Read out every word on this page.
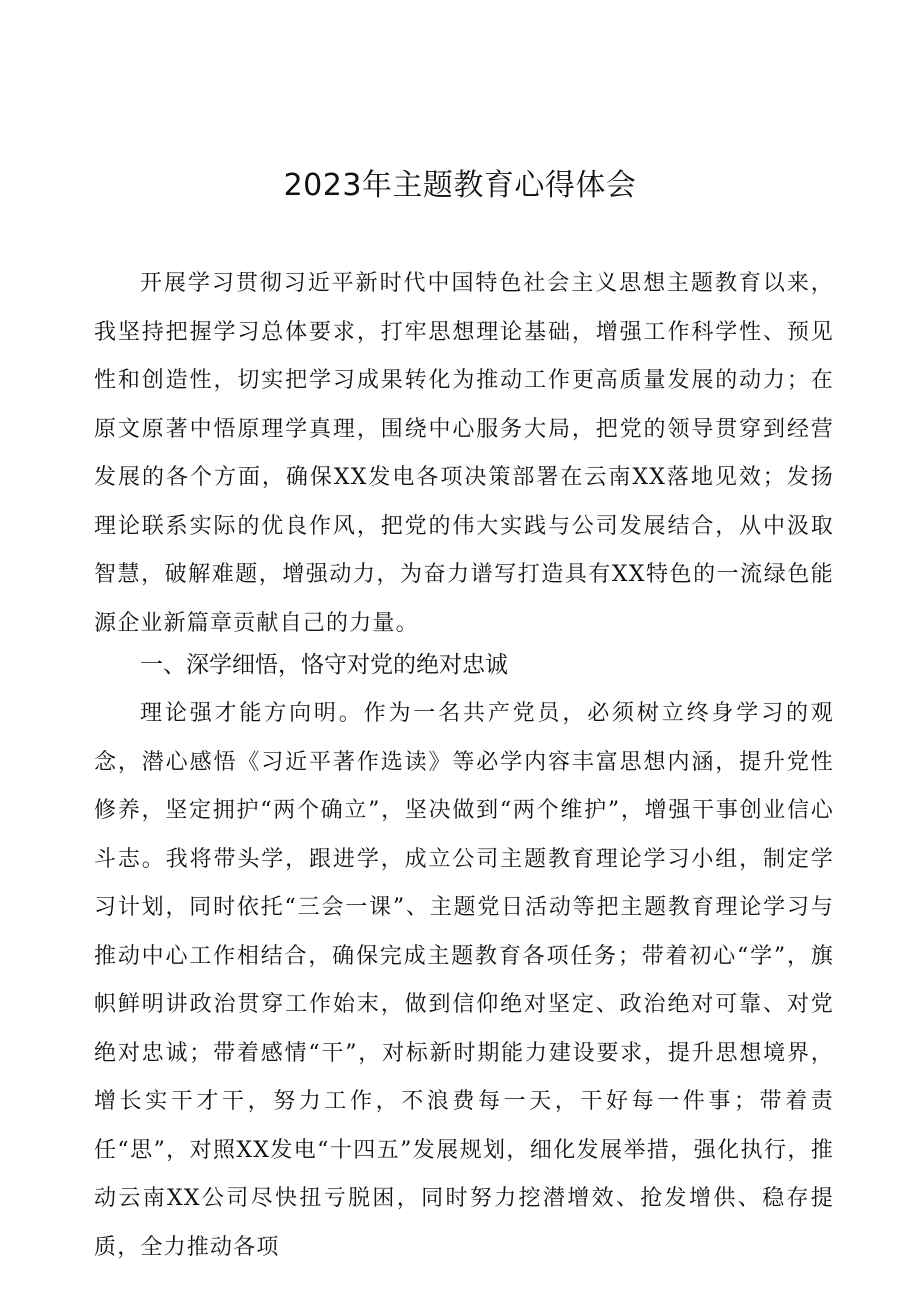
2023年主题教育心得体会

开展学习贯彻习近平新时代中国特色社会主义思想主题教育以来，我坚持把握学习总体要求，打牢思想理论基础，增强工作科学性、预见性和创造性，切实把学习成果转化为推动工作更高质量发展的动力；在原文原著中悟原理学真理，围绕中心服务大局，把党的领导贯穿到经营发展的各个方面，确保XX发电各项决策部署在云南XX落地见效；发扬理论联系实际的优良作风，把党的伟大实践与公司发展结合，从中汲取智慧，破解难题，增强动力，为奋力谱写打造具有XX特色的一流绿色能源企业新篇章贡献自己的力量。

一、深学细悟，恪守对党的绝对忠诚

理论强才能方向明。作为一名共产党员，必须树立终身学习的观念，潜心感悟《习近平著作选读》等必学内容丰富思想内涵，提升党性修养，坚定拥护“两个确立”，坚决做到“两个维护”，增强干事创业信心斗志。我将带头学，跟进学，成立公司主题教育理论学习小组，制定学习计划，同时依托“三会一课”、主题党日活动等把主题教育理论学习与推动中心工作相结合，确保完成主题教育各项任务；带着初心“学”，旗帜鲜明讲政治贯穿工作始末，做到信仰绝对坚定、政治绝对可靠、对党绝对忠诚；带着感情“干”，对标新时期能力建设要求，提升思想境界，增长实干才干，努力工作，不浪费每一天，干好每一件事；带着责任“思”，对照XX发电“十四五”发展规划，细化发展举措，强化执行，推动云南XX公司尽快扭亏脱困，同时努力挖潜增效、抢发增供、稳存提质，全力推动各项
